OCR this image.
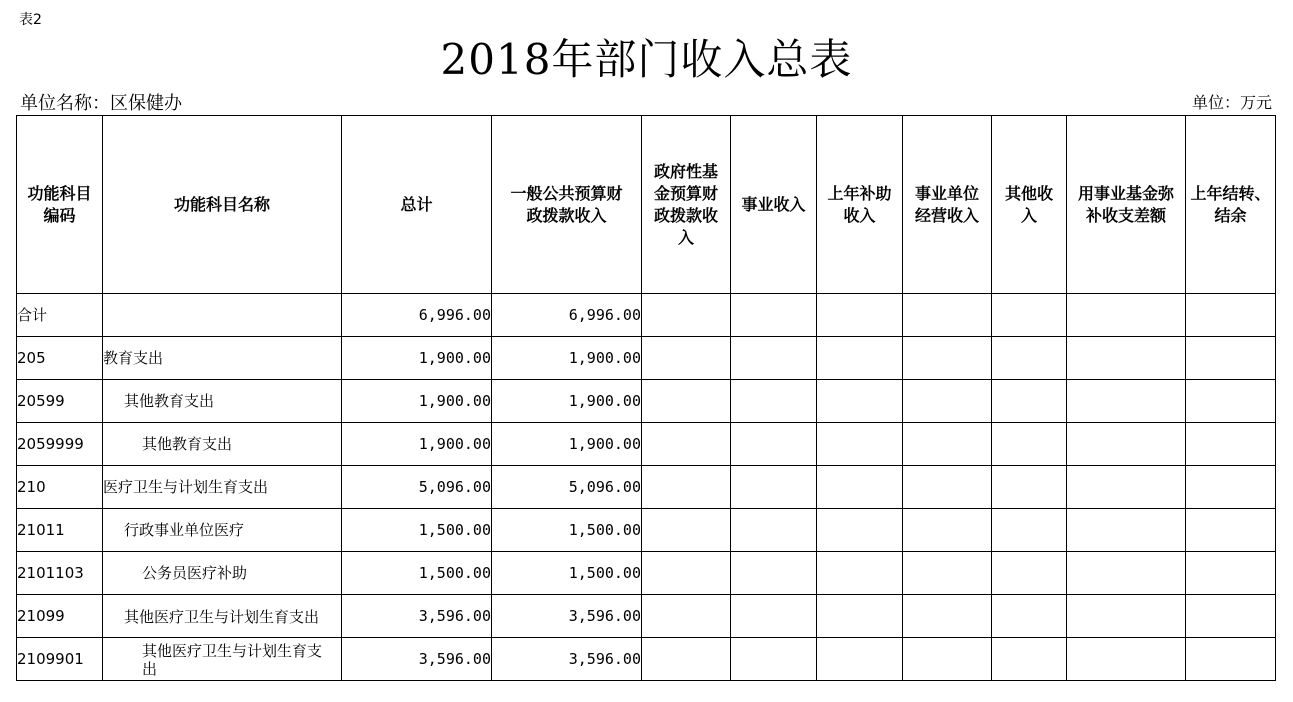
表2
2018年部门收入总表
单位名称：区保健办	单位：万元
功能科目编码	功能科目名称	总计	一般公共预算财政拨款收入	政府性基金预算财政拨款收入	事业收入	上年补助收入	事业单位经营收入	其他收入	用事业基金弥补收支差额	上年结转、结余

合计		6,996.00	6,996.00							
205	教育支出	1,900.00	1,900.00							
20599	其他教育支出	1,900.00	1,900.00							
2059999	其他教育支出	1,900.00	1,900.00							
210	医疗卫生与计划生育支出	5,096.00	5,096.00							
21011	行政事业单位医疗	1,500.00	1,500.00							
2101103	公务员医疗补助	1,500.00	1,500.00							
21099	其他医疗卫生与计划生育支出	3,596.00	3,596.00							
2109901	其他医疗卫生与计划生育支出	3,596.00	3,596.00							
